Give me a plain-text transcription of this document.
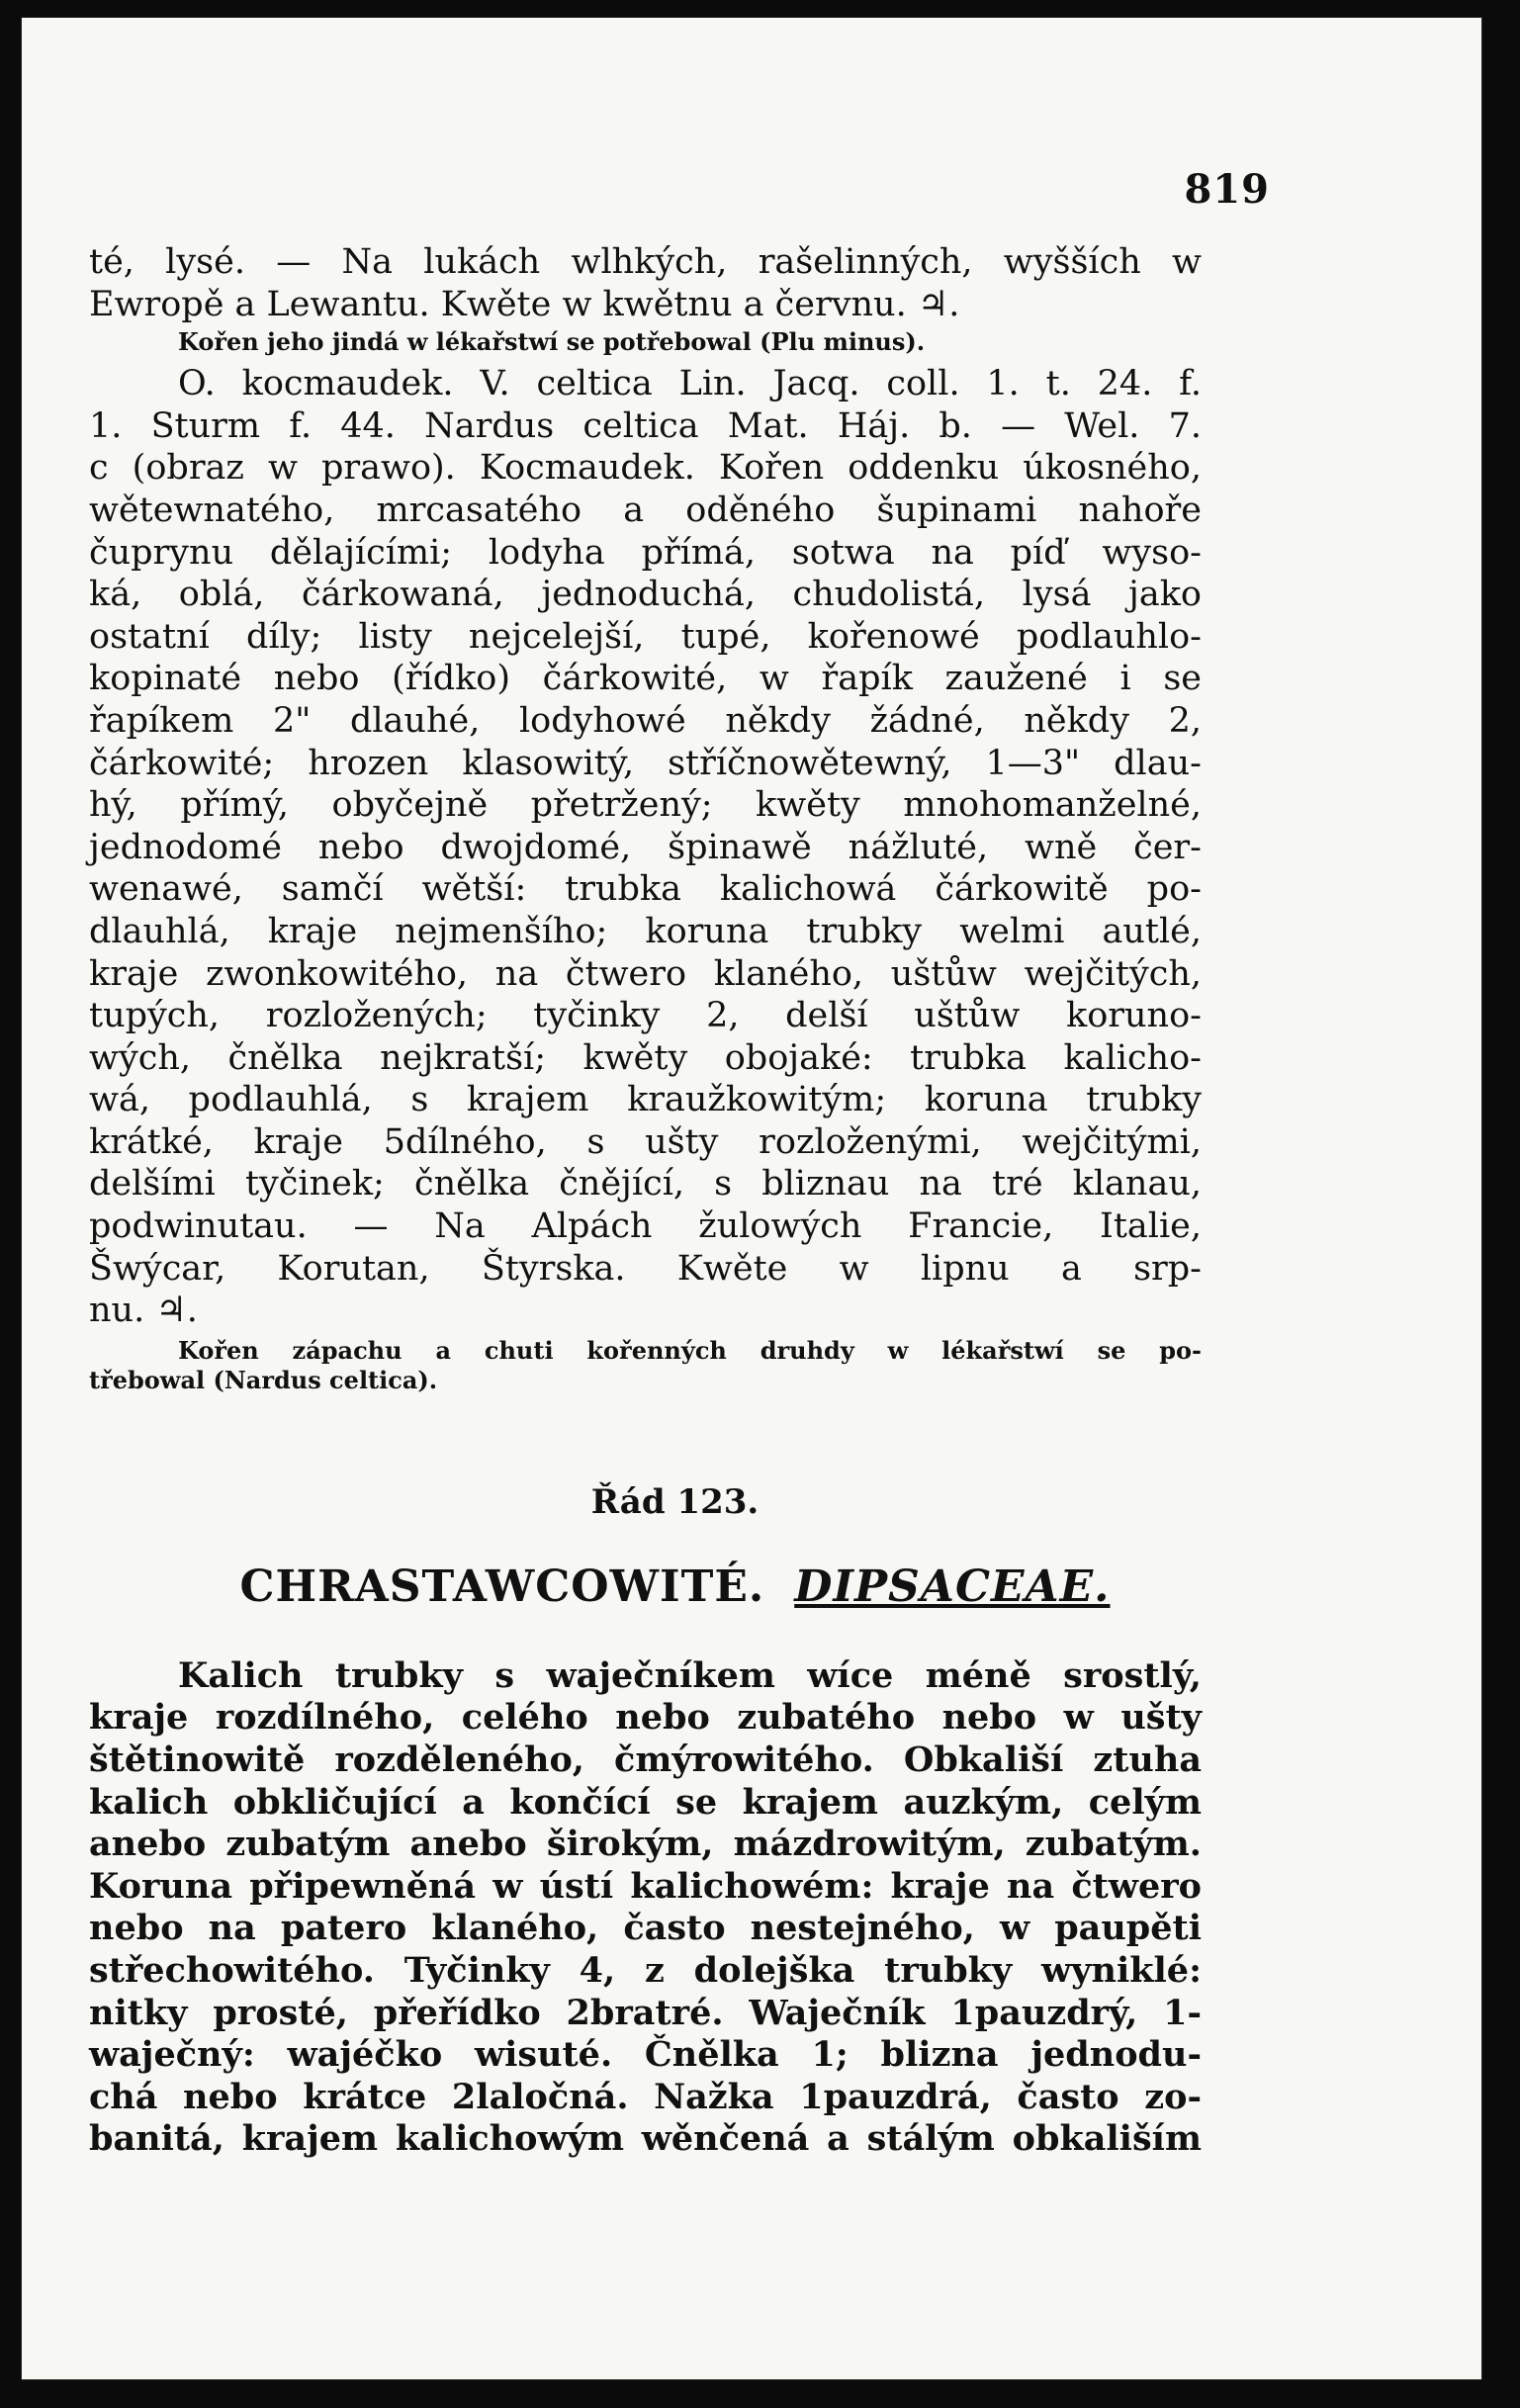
819
té, lysé. — Na lukách wlhkých, rašelinných, wyšších w
Ewropě a Lewantu. Kwěte w kwětnu a červnu. ♃.
Kořen jeho jindá w lékařstwí se potřebowal (Plu minus).
O. kocmaudek. V. celtica Lin. Jacq. coll. 1. t. 24. f.
1. Sturm f. 44. Nardus celtica Mat. Háj. b. — Wel. 7.
c (obraz w prawo). Kocmaudek. Kořen oddenku úkosného,
wětewnatého, mrcasatého a oděného šupinami nahoře
čuprynu dělajícími; lodyha přímá, sotwa na píď wyso-
ká, oblá, čárkowaná, jednoduchá, chudolistá, lysá jako
ostatní díly; listy nejcelejší, tupé, kořenowé podlauhlo-
kopinaté nebo (řídko) čárkowité, w řapík zaužené i se
řapíkem 2" dlauhé, lodyhowé někdy žádné, někdy 2,
čárkowité; hrozen klasowitý, stříčnowětewný, 1—3" dlau-
hý, přímý, obyčejně přetržený; kwěty mnohomanželné,
jednodomé nebo dwojdomé, špinawě nážluté, wně čer-
wenawé, samčí wětší: trubka kalichowá čárkowitě po-
dlauhlá, kraje nejmenšího; koruna trubky welmi autlé,
kraje zwonkowitého, na čtwero klaného, uštůw wejčitých,
tupých, rozložených; tyčinky 2, delší uštůw koruno-
wých, čnělka nejkratší; kwěty obojaké: trubka kalicho-
wá, podlauhlá, s krajem kraužkowitým; koruna trubky
krátké, kraje 5dílného, s ušty rozloženými, wejčitými,
delšími tyčinek; čnělka čnějící, s bliznau na tré klanau,
podwinutau. — Na Alpách žulowých Francie, Italie,
Šwýcar, Korutan, Štyrska. Kwěte w lipnu a srp-
nu. ♃.
Kořen zápachu a chuti kořenných druhdy w lékařstwí se po-
třebowal (Nardus celtica).
Řád 123.
CHRASTAWCOWITÉ. DIPSACEAE.
Kalich trubky s waječníkem wíce méně srostlý,
kraje rozdílného, celého nebo zubatého nebo w ušty
štětinowitě rozděleného, čmýrowitého. Obkališí ztuha
kalich obkličující a končící se krajem auzkým, celým
anebo zubatým anebo širokým, mázdrowitým, zubatým.
Koruna připewněná w ústí kalichowém: kraje na čtwero
nebo na patero klaného, často nestejného, w paupěti
střechowitého. Tyčinky 4, z dolejška trubky wyniklé:
nitky prosté, přeřídko 2bratré. Waječník 1pauzdrý, 1-
waječný: wajéčko wisuté. Čnělka 1; blizna jednodu-
chá nebo krátce 2laločná. Nažka 1pauzdrá, často zo-
banitá, krajem kalichowým wěnčená a stálým obkališím
